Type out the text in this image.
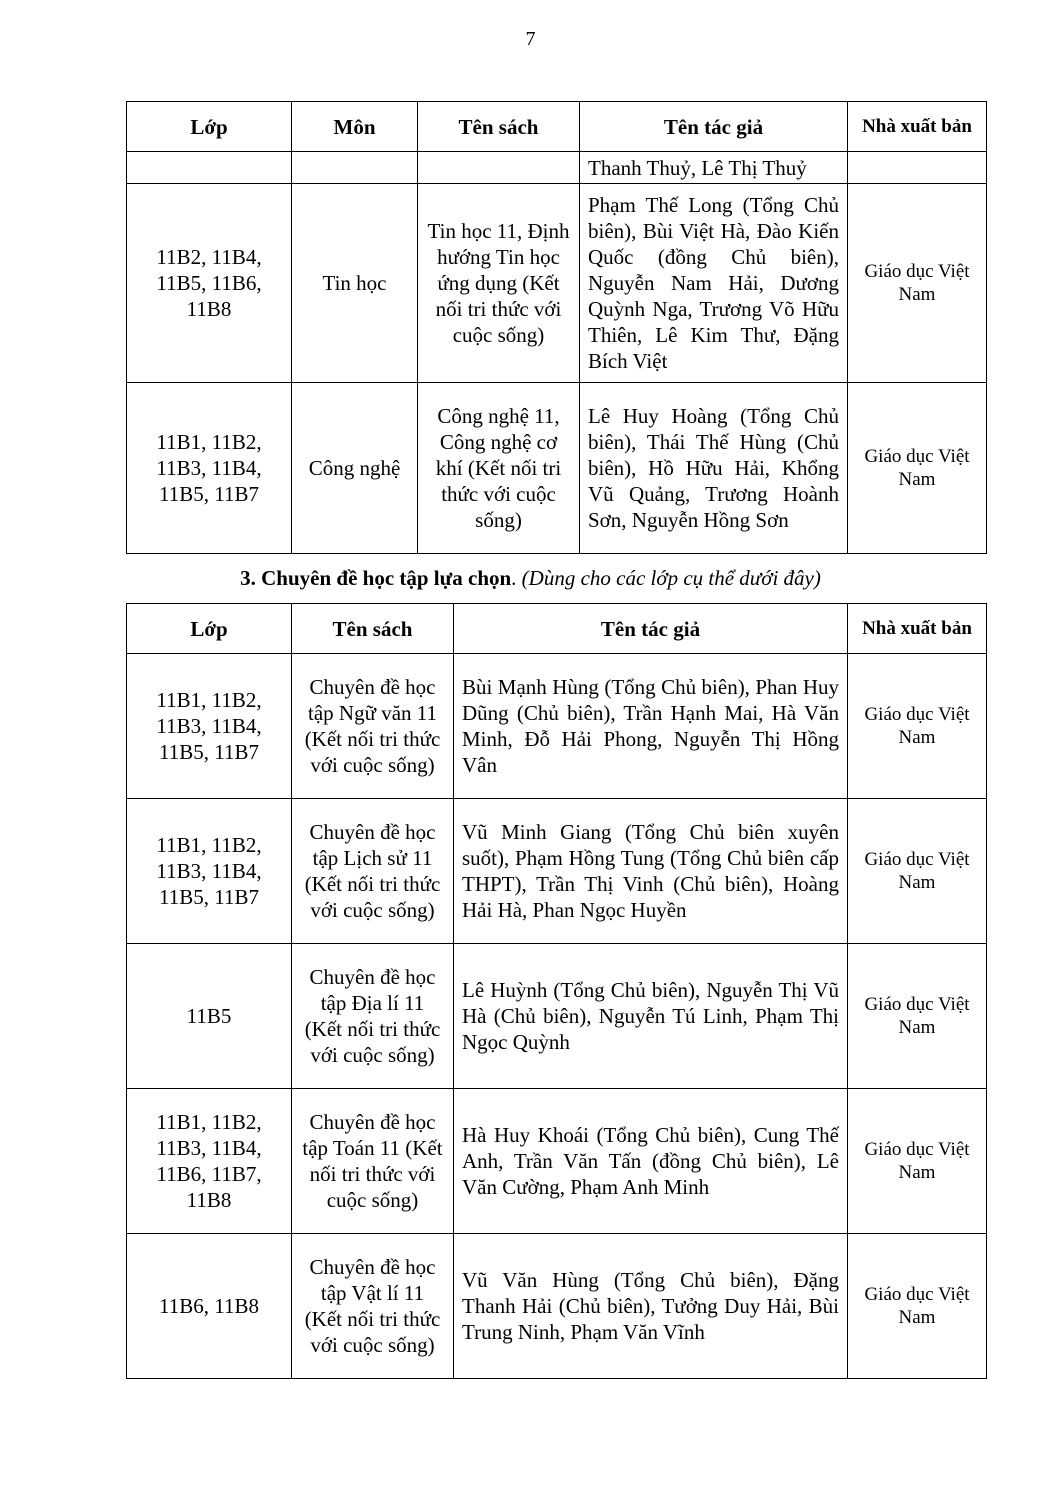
7
Lớp	Môn	Tên sách	Tên tác giả	Nhà xuất bản
			Thanh Thuỷ, Lê Thị Thuỷ	
11B2, 11B4, 11B5, 11B6, 11B8	Tin học	Tin học 11, Định hướng Tin học ứng dụng (Kết nối tri thức với cuộc sống)	Phạm Thế Long (Tổng Chủ biên), Bùi Việt Hà, Đào Kiến Quốc (đồng Chủ biên), Nguyễn Nam Hải, Dương Quỳnh Nga, Trương Võ Hữu Thiên, Lê Kim Thư, Đặng Bích Việt	Giáo dục Việt Nam
11B1, 11B2, 11B3, 11B4, 11B5, 11B7	Công nghệ	Công nghệ 11, Công nghệ cơ khí (Kết nối tri thức với cuộc sống)	Lê Huy Hoàng (Tổng Chủ biên), Thái Thế Hùng (Chủ biên), Hồ Hữu Hải, Khổng Vũ Quảng, Trương Hoành Sơn, Nguyễn Hồng Sơn	Giáo dục Việt Nam
3. Chuyên đề học tập lựa chọn. (Dùng cho các lớp cụ thể dưới đây)
Lớp	Tên sách	Tên tác giả	Nhà xuất bản
11B1, 11B2, 11B3, 11B4, 11B5, 11B7	Chuyên đề học tập Ngữ văn 11 (Kết nối tri thức với cuộc sống)	Bùi Mạnh Hùng (Tổng Chủ biên), Phan Huy Dũng (Chủ biên), Trần Hạnh Mai, Hà Văn Minh, Đỗ Hải Phong, Nguyễn Thị Hồng Vân	Giáo dục Việt Nam
11B1, 11B2, 11B3, 11B4, 11B5, 11B7	Chuyên đề học tập Lịch sử 11 (Kết nối tri thức với cuộc sống)	Vũ Minh Giang (Tổng Chủ biên xuyên suốt), Phạm Hồng Tung (Tổng Chủ biên cấp THPT), Trần Thị Vinh (Chủ biên), Hoàng Hải Hà, Phan Ngọc Huyền	Giáo dục Việt Nam
11B5	Chuyên đề học tập Địa lí 11 (Kết nối tri thức với cuộc sống)	Lê Huỳnh (Tổng Chủ biên), Nguyễn Thị Vũ Hà (Chủ biên), Nguyễn Tú Linh, Phạm Thị Ngọc Quỳnh	Giáo dục Việt Nam
11B1, 11B2, 11B3, 11B4, 11B6, 11B7, 11B8	Chuyên đề học tập Toán 11 (Kết nối tri thức với cuộc sống)	Hà Huy Khoái (Tổng Chủ biên), Cung Thế Anh, Trần Văn Tấn (đồng Chủ biên), Lê Văn Cường, Phạm Anh Minh	Giáo dục Việt Nam
11B6, 11B8	Chuyên đề học tập Vật lí 11 (Kết nối tri thức với cuộc sống)	Vũ Văn Hùng (Tổng Chủ biên), Đặng Thanh Hải (Chủ biên), Tưởng Duy Hải, Bùi Trung Ninh, Phạm Văn Vĩnh	Giáo dục Việt Nam
